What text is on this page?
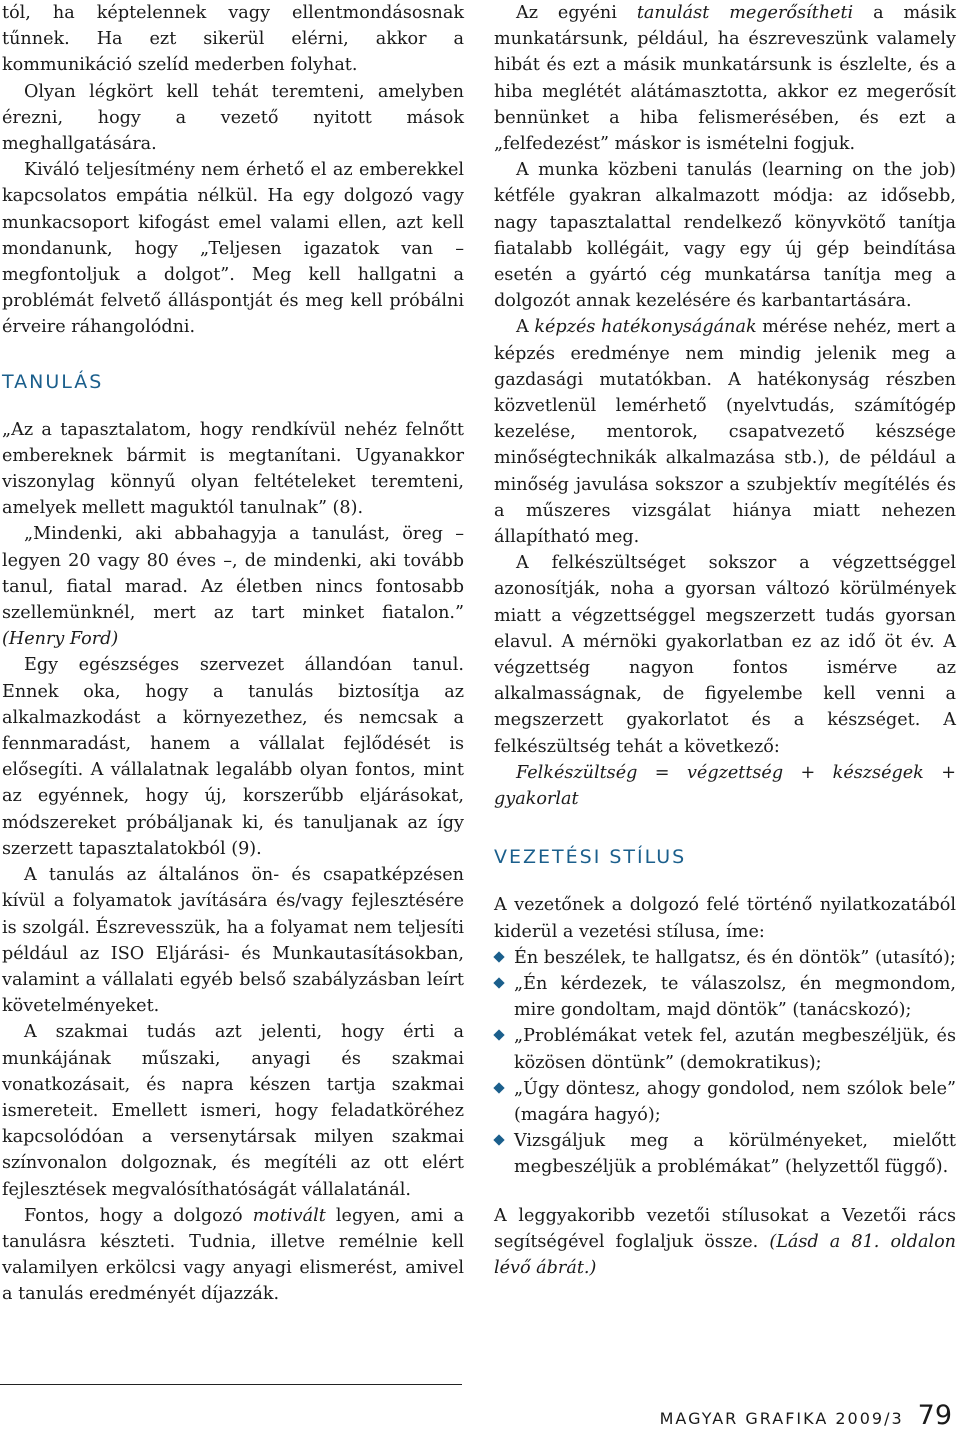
tól, ha képtelennek vagy ellentmondásosnak tűnnek. Ha ezt sikerül elérni, akkor a kommunikáció szelíd mederben folyhat.

Olyan légkört kell tehát teremteni, amelyben érezni, hogy a vezető nyitott mások meghallgatására.

Kiváló teljesítmény nem érhető el az emberekkel kapcsolatos empátia nélkül. Ha egy dolgozó vagy munkacsoport kifogást emel valami ellen, azt kell mondanunk, hogy „Teljesen igazatok van – megfontoljuk a dolgot”. Meg kell hallgatni a problémát felvető álláspontját és meg kell próbálni érveire ráhangolódni.

TANULÁS

„Az a tapasztalatom, hogy rendkívül nehéz felnőtt embereknek bármit is megtanítani. Ugyanakkor viszonylag könnyű olyan feltételeket teremteni, amelyek mellett maguktól tanulnak” (8).

„Mindenki, aki abbahagyja a tanulást, öreg – legyen 20 vagy 80 éves –, de mindenki, aki tovább tanul, fiatal marad. Az életben nincs fontosabb szellemünknél, mert az tart minket fiatalon.” (Henry Ford)

Egy egészséges szervezet állandóan tanul. Ennek oka, hogy a tanulás biztosítja az alkalmazkodást a környezethez, és nemcsak a fennmaradást, hanem a vállalat fejlődését is elősegíti. A vállalatnak legalább olyan fontos, mint az egyénnek, hogy új, korszerűbb eljárásokat, módszereket próbáljanak ki, és tanuljanak az így szerzett tapasztalatokból (9).

A tanulás az általános ön- és csapatképzésen kívül a folyamatok javítására és/vagy fejlesztésére is szolgál. Észrevesszük, ha a folyamat nem teljesíti például az ISO Eljárási- és Munkautasításokban, valamint a vállalati egyéb belső szabályzásban leírt követelményeket.

A szakmai tudás azt jelenti, hogy érti a munkájának műszaki, anyagi és szakmai vonatkozásait, és napra készen tartja szakmai ismereteit. Emellett ismeri, hogy feladatköréhez kapcsolódóan a versenytársak milyen szakmai színvonalon dolgoznak, és megítéli az ott elért fejlesztések megvalósíthatóságát vállalatánál.

Fontos, hogy a dolgozó motivált legyen, ami a tanulásra készteti. Tudnia, illetve remélnie kell valamilyen erkölcsi vagy anyagi elismerést, amivel a tanulás eredményét díjazzák.

Az egyéni tanulást megerősítheti a másik munkatársunk, például, ha észreveszünk valamely hibát és ezt a másik munkatársunk is észlelte, és a hiba meglétét alátámasztotta, akkor ez megerősít bennünket a hiba felismerésében, és ezt a „felfedezést” máskor is ismételni fogjuk.

A munka közbeni tanulás (learning on the job) kétféle gyakran alkalmazott módja: az idősebb, nagy tapasztalattal rendelkező könyvkötő tanítja fiatalabb kollégáit, vagy egy új gép beindítása esetén a gyártó cég munkatársa tanítja meg a dolgozót annak kezelésére és karbantartására.

A képzés hatékonyságának mérése nehéz, mert a képzés eredménye nem mindig jelenik meg a gazdasági mutatókban. A hatékonyság részben közvetlenül lemérhető (nyelvtudás, számítógép kezelése, mentorok, csapatvezető készsége minőségtechnikák alkalmazása stb.), de például a minőség javulása sokszor a szubjektív megítélés és a műszeres vizsgálat hiánya miatt nehezen állapítható meg.

A felkészültséget sokszor a végzettséggel azonosítják, noha a gyorsan változó körülmények miatt a végzettséggel megszerzett tudás gyorsan elavul. A mérnöki gyakorlatban ez az idő öt év. A végzettség nagyon fontos ismérve az alkalmasságnak, de figyelembe kell venni a megszerzett gyakorlatot és a készséget. A felkészültség tehát a következő:

Felkészültség = végzettség + készségek + gyakorlat

VEZETÉSI STÍLUS

A vezetőnek a dolgozó felé történő nyilatkozatából kiderül a vezetési stílusa, íme:

Én beszélek, te hallgatsz, és én döntök” (utasító);
„Én kérdezek, te válaszolsz, én megmondom, mire gondoltam, majd döntök” (tanácskozó);
„Problémákat vetek fel, azután megbeszéljük, és közösen döntünk” (demokratikus);
„Úgy döntesz, ahogy gondolod, nem szólok bele” (magára hagyó);
Vizsgáljuk meg a körülményeket, mielőtt megbeszéljük a problémákat” (helyzettől függő).

A leggyakoribb vezetői stílusokat a Vezetői rács segítségével foglaljuk össze. (Lásd a 81. oldalon lévő ábrát.)

MAGYAR GRAFIKA 2009/3 79
